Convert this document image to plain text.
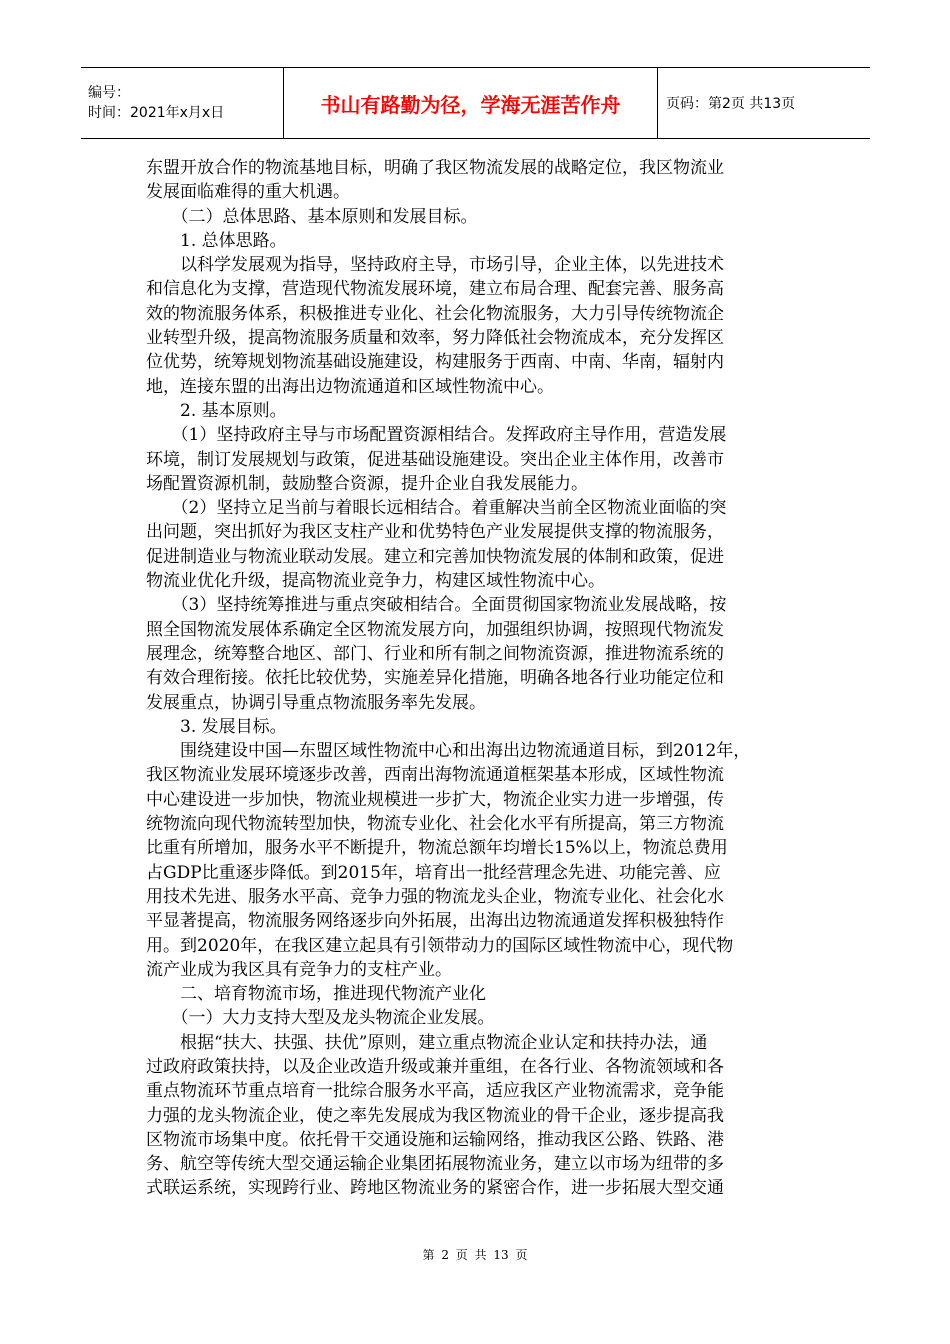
编号：
时间：2021年x月x日	书山有路勤为径，学海无涯苦作舟	页码：第2页 共13页
东盟开放合作的物流基地目标，明确了我区物流发展的战略定位，我区物流业
发展面临难得的重大机遇。
　　（二）总体思路、基本原则和发展目标。
　　1. 总体思路。
　　以科学发展观为指导，坚持政府主导，市场引导，企业主体，以先进技术
和信息化为支撑，营造现代物流发展环境，建立布局合理、配套完善、服务高
效的物流服务体系，积极推进专业化、社会化物流服务，大力引导传统物流企
业转型升级，提高物流服务质量和效率，努力降低社会物流成本，充分发挥区
位优势，统筹规划物流基础设施建设，构建服务于西南、中南、华南，辐射内
地，连接东盟的出海出边物流通道和区域性物流中心。
　　2. 基本原则。
　　（1）坚持政府主导与市场配置资源相结合。发挥政府主导作用，营造发展
环境，制订发展规划与政策，促进基础设施建设。突出企业主体作用，改善市
场配置资源机制，鼓励整合资源，提升企业自我发展能力。
　　（2）坚持立足当前与着眼长远相结合。着重解决当前全区物流业面临的突
出问题，突出抓好为我区支柱产业和优势特色产业发展提供支撑的物流服务，
促进制造业与物流业联动发展。建立和完善加快物流发展的体制和政策，促进
物流业优化升级，提高物流业竞争力，构建区域性物流中心。
　　（3）坚持统筹推进与重点突破相结合。全面贯彻国家物流业发展战略，按
照全国物流发展体系确定全区物流发展方向，加强组织协调，按照现代物流发
展理念，统筹整合地区、部门、行业和所有制之间物流资源，推进物流系统的
有效合理衔接。依托比较优势，实施差异化措施，明确各地各行业功能定位和
发展重点，协调引导重点物流服务率先发展。
　　3. 发展目标。
　　围绕建设中国—东盟区域性物流中心和出海出边物流通道目标，到2012年，
我区物流业发展环境逐步改善，西南出海物流通道框架基本形成，区域性物流
中心建设进一步加快，物流业规模进一步扩大，物流企业实力进一步增强，传
统物流向现代物流转型加快，物流专业化、社会化水平有所提高，第三方物流
比重有所增加，服务水平不断提升，物流总额年均增长15%以上，物流总费用
占GDP比重逐步降低。到2015年，培育出一批经营理念先进、功能完善、应
用技术先进、服务水平高、竞争力强的物流龙头企业，物流专业化、社会化水
平显著提高，物流服务网络逐步向外拓展，出海出边物流通道发挥积极独特作
用。到2020年，在我区建立起具有引领带动力的国际区域性物流中心，现代物
流产业成为我区具有竞争力的支柱产业。
　　二、培育物流市场，推进现代物流产业化
　　（一）大力支持大型及龙头物流企业发展。
　　根据“扶大、扶强、扶优”原则，建立重点物流企业认定和扶持办法，通
过政府政策扶持，以及企业改造升级或兼并重组，在各行业、各物流领域和各
重点物流环节重点培育一批综合服务水平高，适应我区产业物流需求，竞争能
力强的龙头物流企业，使之率先发展成为我区物流业的骨干企业，逐步提高我
区物流市场集中度。依托骨干交通设施和运输网络，推动我区公路、铁路、港
务、航空等传统大型交通运输企业集团拓展物流业务，建立以市场为纽带的多
式联运系统，实现跨行业、跨地区物流业务的紧密合作，进一步拓展大型交通
第 2 页 共 13 页
